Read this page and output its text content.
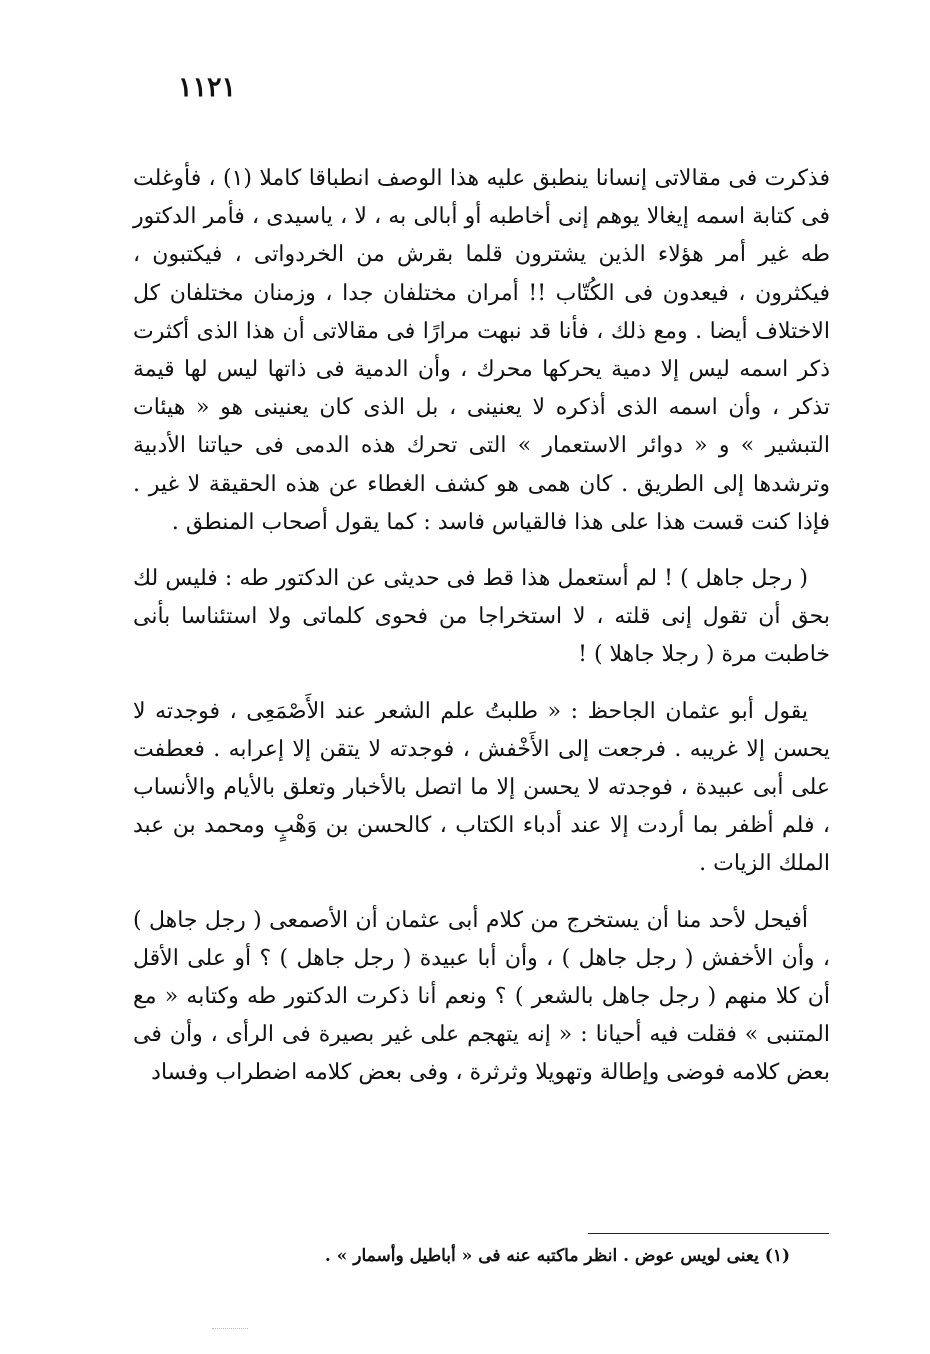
١١٢١

فذكرت فى مقالاتى إنسانا ينطبق عليه هذا الوصف انطباقا كاملا (١) ، فأوغلت فى كتابة اسمه إيغالا يوهم إنى أخاطبه أو أبالى به ، لا ، ياسيدى ، فأمر الدكتور طه غير أمر هؤلاء الذين يشترون قلما بقرش من الخردواتى ، فيكتبون ، فيكثرون ، فيعدون فى الكُتّاب !! أمران مختلفان جدا ، وزمنان مختلفان كل الاختلاف أيضا . ومع ذلك ، فأنا قد نبهت مرارًا فى مقالاتى أن هذا الذى أكثرت ذكر اسمه ليس إلا دمية يحركها محرك ، وأن الدمية فى ذاتها ليس لها قيمة تذكر ، وأن اسمه الذى أذكره لا يعنينى ، بل الذى كان يعنينى هو « هيئات التبشير » و « دوائر الاستعمار » التى تحرك هذه الدمى فى حياتنا الأدبية وترشدها إلى الطريق . كان همى هو كشف الغطاء عن هذه الحقيقة لا غير . فإذا كنت قست هذا على هذا فالقياس فاسد : كما يقول أصحاب المنطق .

( رجل جاهل ) ! لم أستعمل هذا قط فى حديثى عن الدكتور طه : فليس لك بحق أن تقول إنى قلته ، لا استخراجا من فحوى كلماتى ولا استئناسا بأنى خاطبت مرة ( رجلا جاهلا ) !

يقول أبو عثمان الجاحظ : « طلبتُ علم الشعر عند الأَصْمَعِى ، فوجدته لا يحسن إلا غريبه . فرجعت إلى الأَخْفش ، فوجدته لا يتقن إلا إعرابه . فعطفت على أبى عبيدة ، فوجدته لا يحسن إلا ما اتصل بالأخبار وتعلق بالأيام والأنساب ، فلم أظفر بما أردت إلا عند أدباء الكتاب ، كالحسن بن وَهْبٍ ومحمد بن عبد الملك الزيات .

أفيحل لأحد منا أن يستخرج من كلام أبى عثمان أن الأصمعى ( رجل جاهل ) ، وأن الأخفش ( رجل جاهل ) ، وأن أبا عبيدة ( رجل جاهل ) ؟ أو على الأقل أن كلا منهم ( رجل جاهل بالشعر ) ؟ ونعم أنا ذكرت الدكتور طه وكتابه « مع المتنبى » فقلت فيه أحيانا : « إنه يتهجم على غير بصيرة فى الرأى ، وأن فى بعض كلامه فوضى وإطالة وتهويلا وثرثرة ، وفى بعض كلامه اضطراب وفساد

(١) يعنى لويس عوض . انظر ماكتبه عنه فى « أباطيل وأسمار » .
